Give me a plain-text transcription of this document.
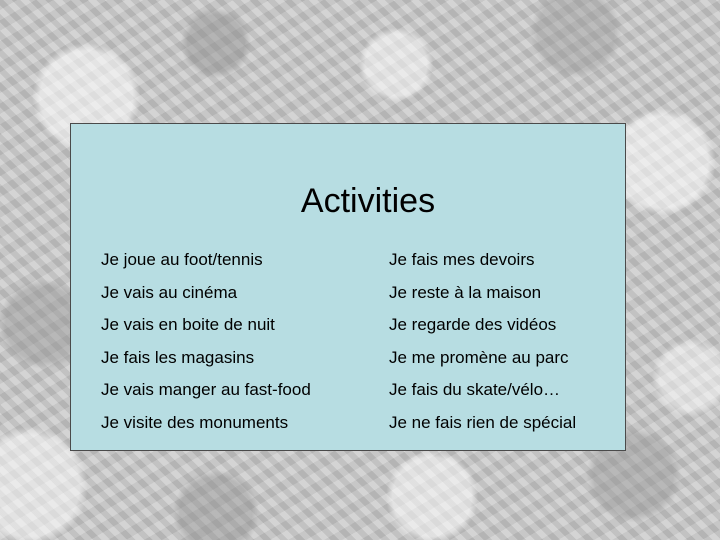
Activities
Je joue au foot/tennis
Je vais au cinéma
Je vais en boite de nuit
Je fais les magasins
Je vais manger au fast-food
Je visite des monuments
Je fais mes devoirs
Je reste à la maison
Je regarde des vidéos
Je me promène au parc
Je fais du skate/vélo…
Je ne fais rien de spécial
